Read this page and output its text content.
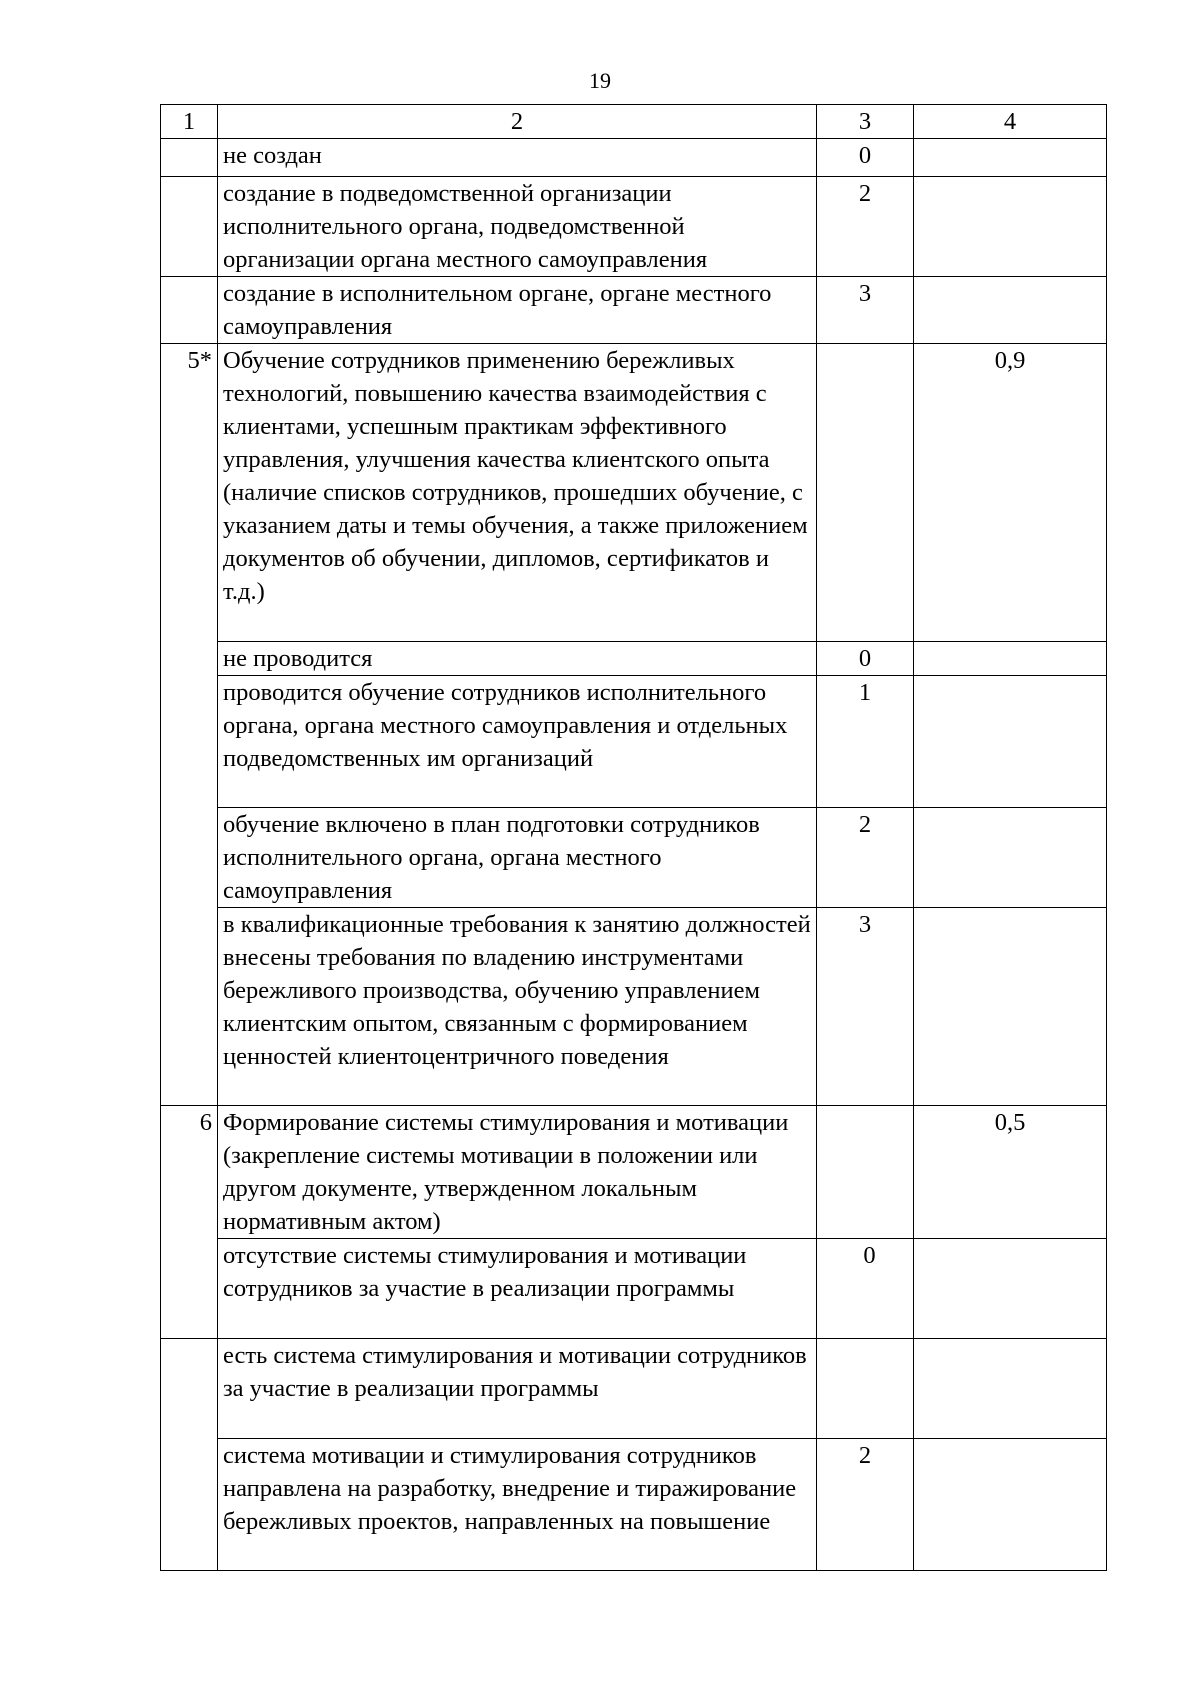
19
1	2	3	4
	не создан	0	
	создание в подведомственной организации исполнительного органа, подведомственной организации органа местного самоуправления	2	
	создание в исполнительном органе, органе местного самоуправления	3	
5*	Обучение сотрудников применению бережливых технологий, повышению качества взаимодействия с клиентами, успешным практикам эффективного управления, улучшения качества клиентского опыта (наличие списков сотрудников, прошедших обучение, с указанием даты и темы обучения, а также приложением документов об обучении, дипломов, сертификатов и т.д.)		0,9
	не проводится	0	
	проводится обучение сотрудников исполнительного органа, органа местного самоуправления и отдельных подведомственных им организаций	1	
	обучение включено в план подготовки сотрудников исполнительного органа, органа местного самоуправления	2	
	в квалификационные требования к занятию должностей внесены требования по владению инструментами бережливого производства, обучению управлением клиентским опытом, связанным с формированием ценностей клиентоцентричного поведения	3	
6	Формирование системы стимулирования и мотивации (закрепление системы мотивации в положении или другом документе, утвержденном локальным нормативным актом)		0,5
	отсутствие системы стимулирования и мотивации сотрудников за участие в реализации программы	0	
	есть система стимулирования и мотивации сотрудников за участие в реализации программы		
	система мотивации и стимулирования сотрудников направлена на разработку, внедрение и тиражирование бережливых проектов, направленных на повышение	2	
